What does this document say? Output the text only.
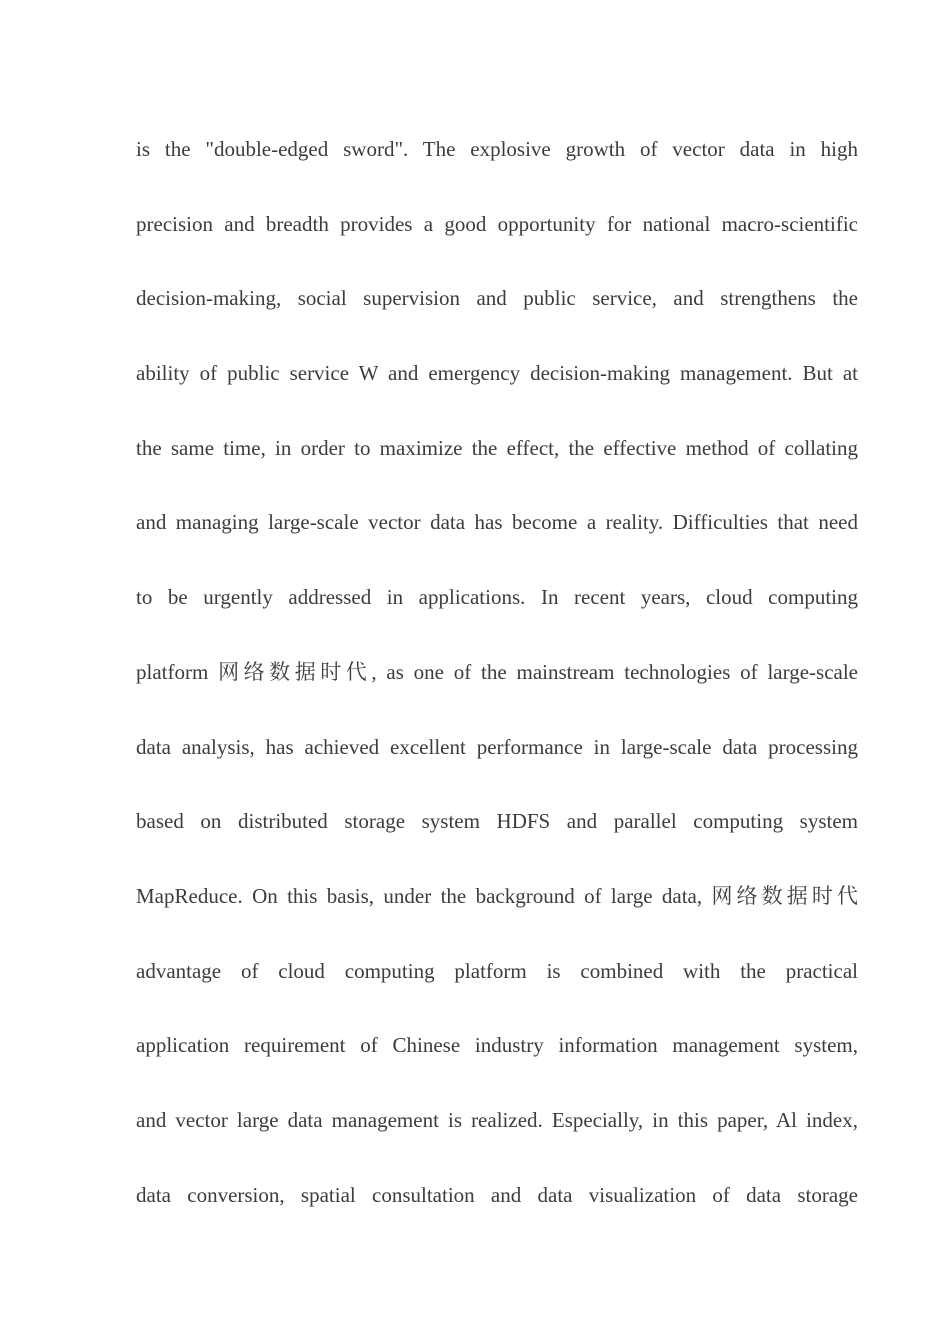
is the "double-edged sword". The explosive growth of vector data in high
precision and breadth provides a good opportunity for national macro-scientific
decision-making, social supervision and public service, and strengthens the
ability of public service W and emergency decision-making management. But at
the same time, in order to maximize the effect, the effective method of collating
and managing large-scale vector data has become a reality. Difficulties that need
to be urgently addressed in applications. In recent years, cloud computing
platform 网络数据时代, as one of the mainstream technologies of large-scale
data analysis, has achieved excellent performance in large-scale data processing
based on distributed storage system HDFS and parallel computing system
MapReduce. On this basis, under the background of large data, 网络数据时代
advantage of cloud computing platform is combined with the practical
application requirement of Chinese industry information management system,
and vector large data management is realized. Especially, in this paper, Al index,
data conversion, spatial consultation and data visualization of data storage
